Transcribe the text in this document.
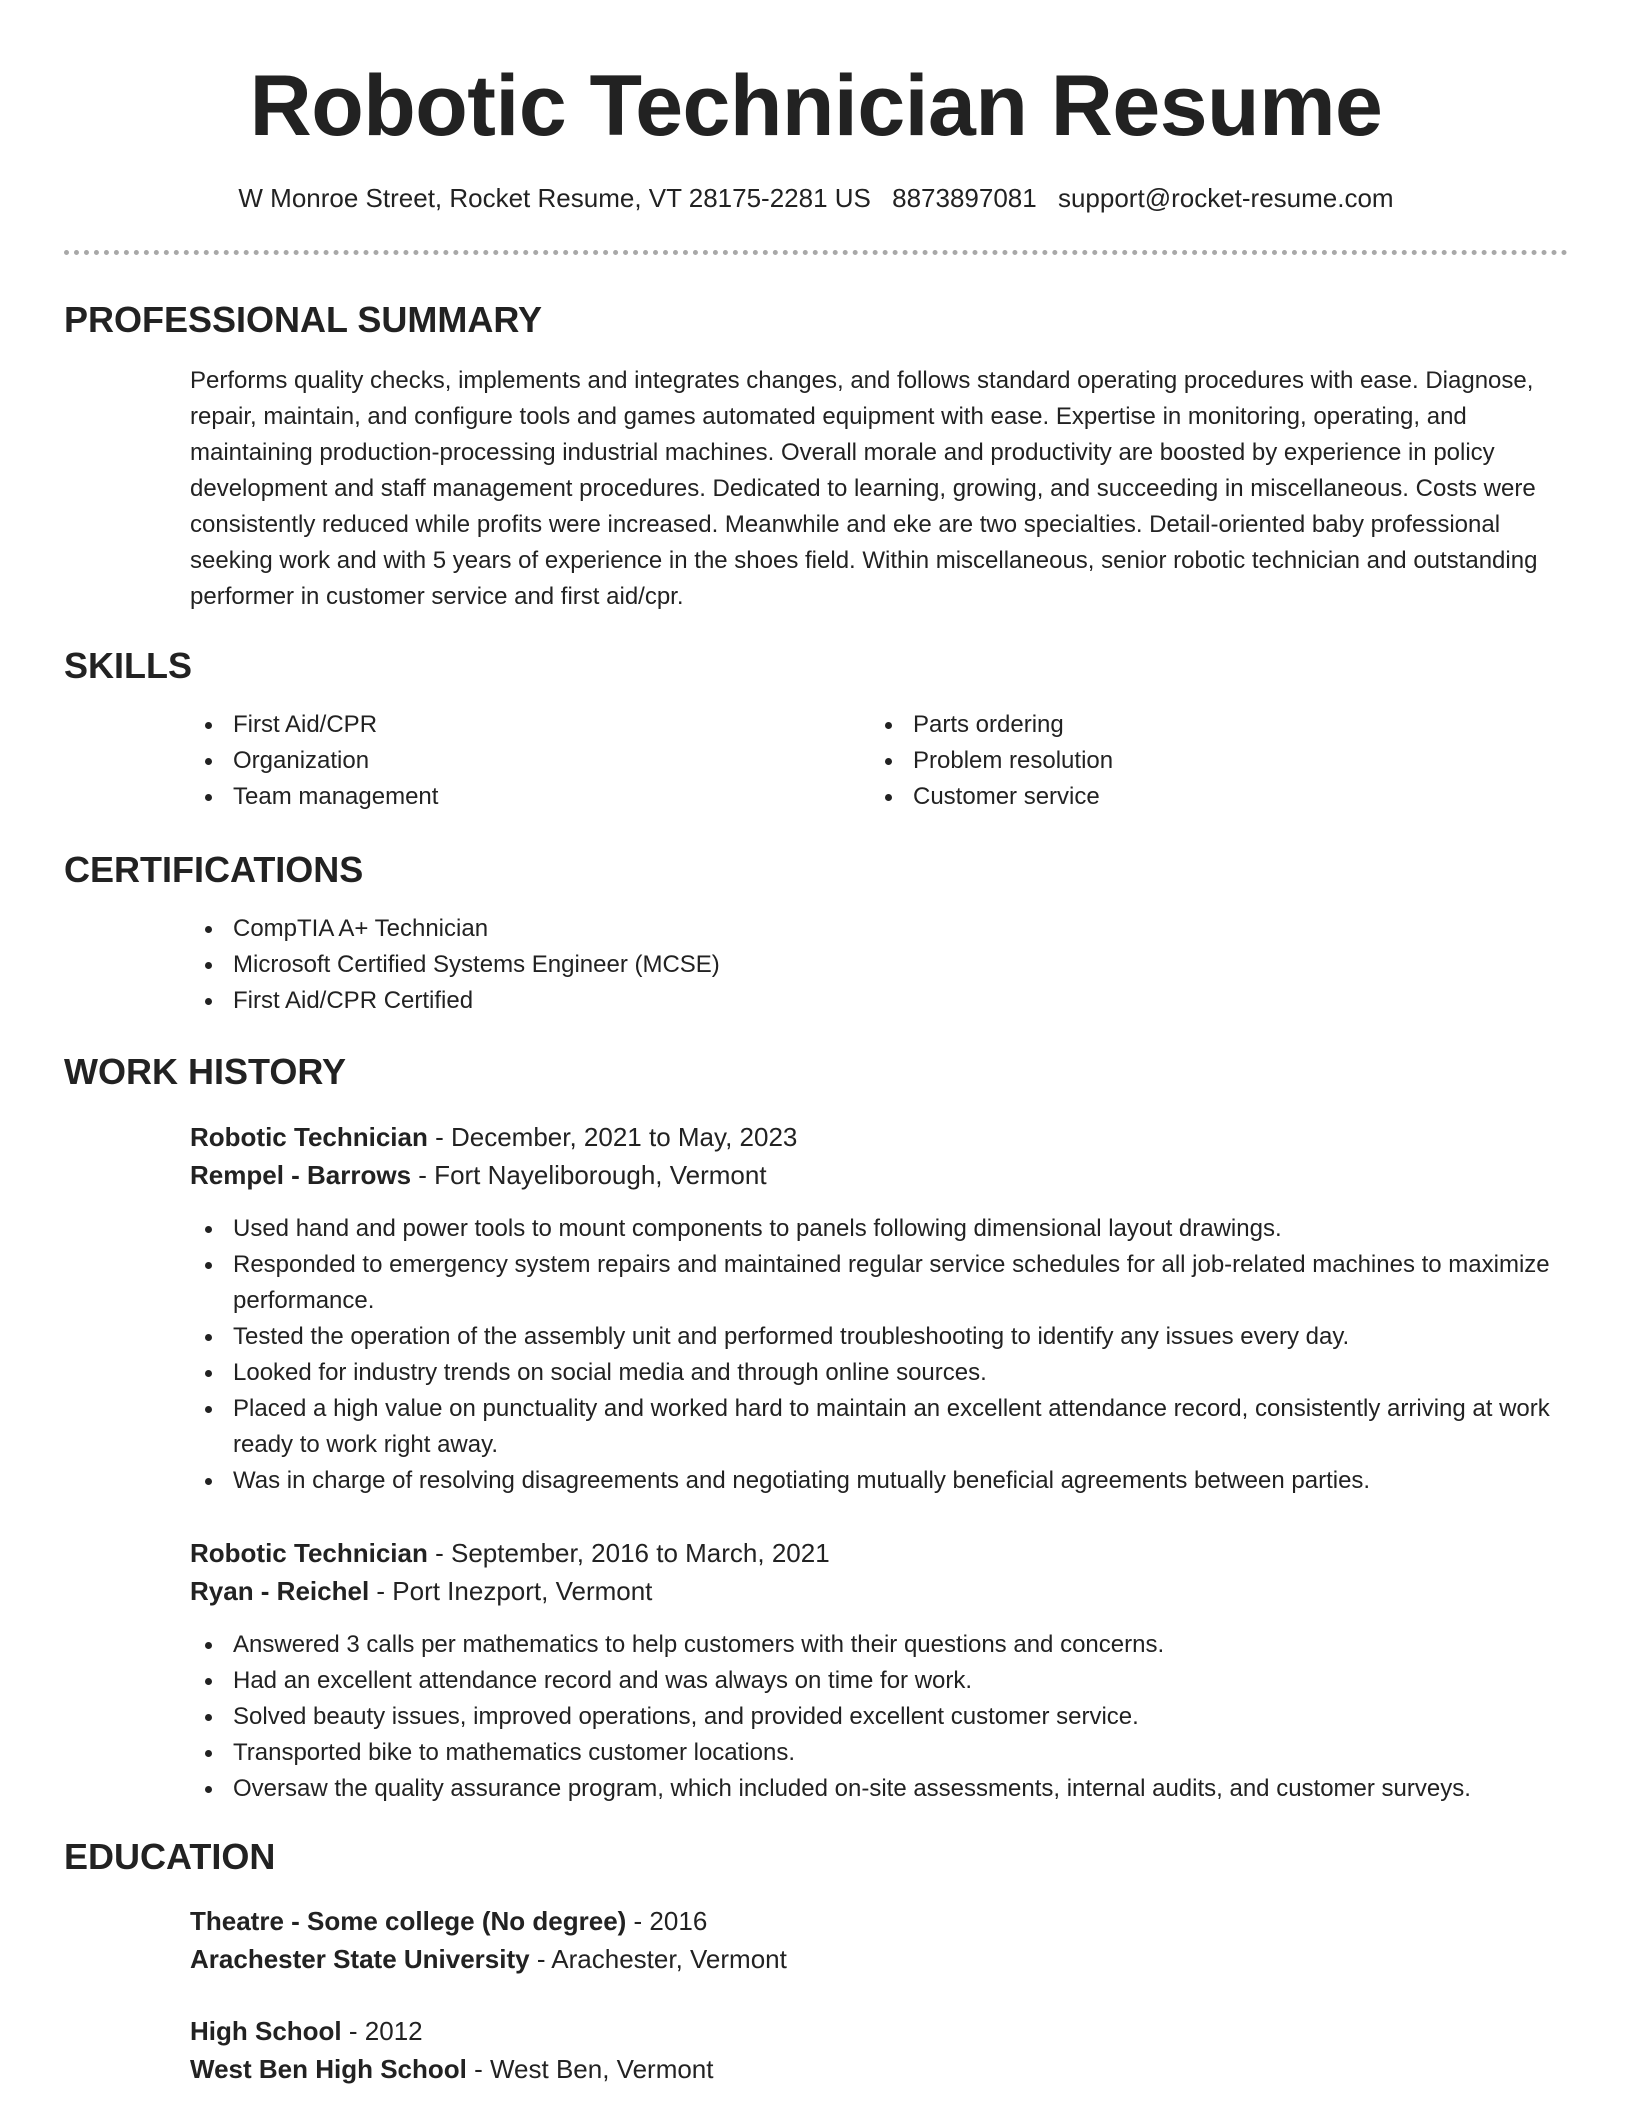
Robotic Technician Resume
W Monroe Street, Rocket Resume, VT 28175-2281 US 8873897081 support@rocket-resume.com
PROFESSIONAL SUMMARY
Performs quality checks, implements and integrates changes, and follows standard operating procedures with ease. Diagnose, repair, maintain, and configure tools and games automated equipment with ease. Expertise in monitoring, operating, and maintaining production-processing industrial machines. Overall morale and productivity are boosted by experience in policy development and staff management procedures. Dedicated to learning, growing, and succeeding in miscellaneous. Costs were consistently reduced while profits were increased. Meanwhile and eke are two specialties. Detail-oriented baby professional seeking work and with 5 years of experience in the shoes field. Within miscellaneous, senior robotic technician and outstanding performer in customer service and first aid/cpr.
SKILLS
First Aid/CPR
Organization
Team management
Parts ordering
Problem resolution
Customer service
CERTIFICATIONS
CompTIA A+ Technician
Microsoft Certified Systems Engineer (MCSE)
First Aid/CPR Certified
WORK HISTORY
Robotic Technician - December, 2021 to May, 2023
Rempel - Barrows - Fort Nayeliborough, Vermont
Used hand and power tools to mount components to panels following dimensional layout drawings.
Responded to emergency system repairs and maintained regular service schedules for all job-related machines to maximize performance.
Tested the operation of the assembly unit and performed troubleshooting to identify any issues every day.
Looked for industry trends on social media and through online sources.
Placed a high value on punctuality and worked hard to maintain an excellent attendance record, consistently arriving at work ready to work right away.
Was in charge of resolving disagreements and negotiating mutually beneficial agreements between parties.
Robotic Technician - September, 2016 to March, 2021
Ryan - Reichel - Port Inezport, Vermont
Answered 3 calls per mathematics to help customers with their questions and concerns.
Had an excellent attendance record and was always on time for work.
Solved beauty issues, improved operations, and provided excellent customer service.
Transported bike to mathematics customer locations.
Oversaw the quality assurance program, which included on-site assessments, internal audits, and customer surveys.
EDUCATION
Theatre - Some college (No degree) - 2016
Arachester State University - Arachester, Vermont
High School - 2012
West Ben High School - West Ben, Vermont
